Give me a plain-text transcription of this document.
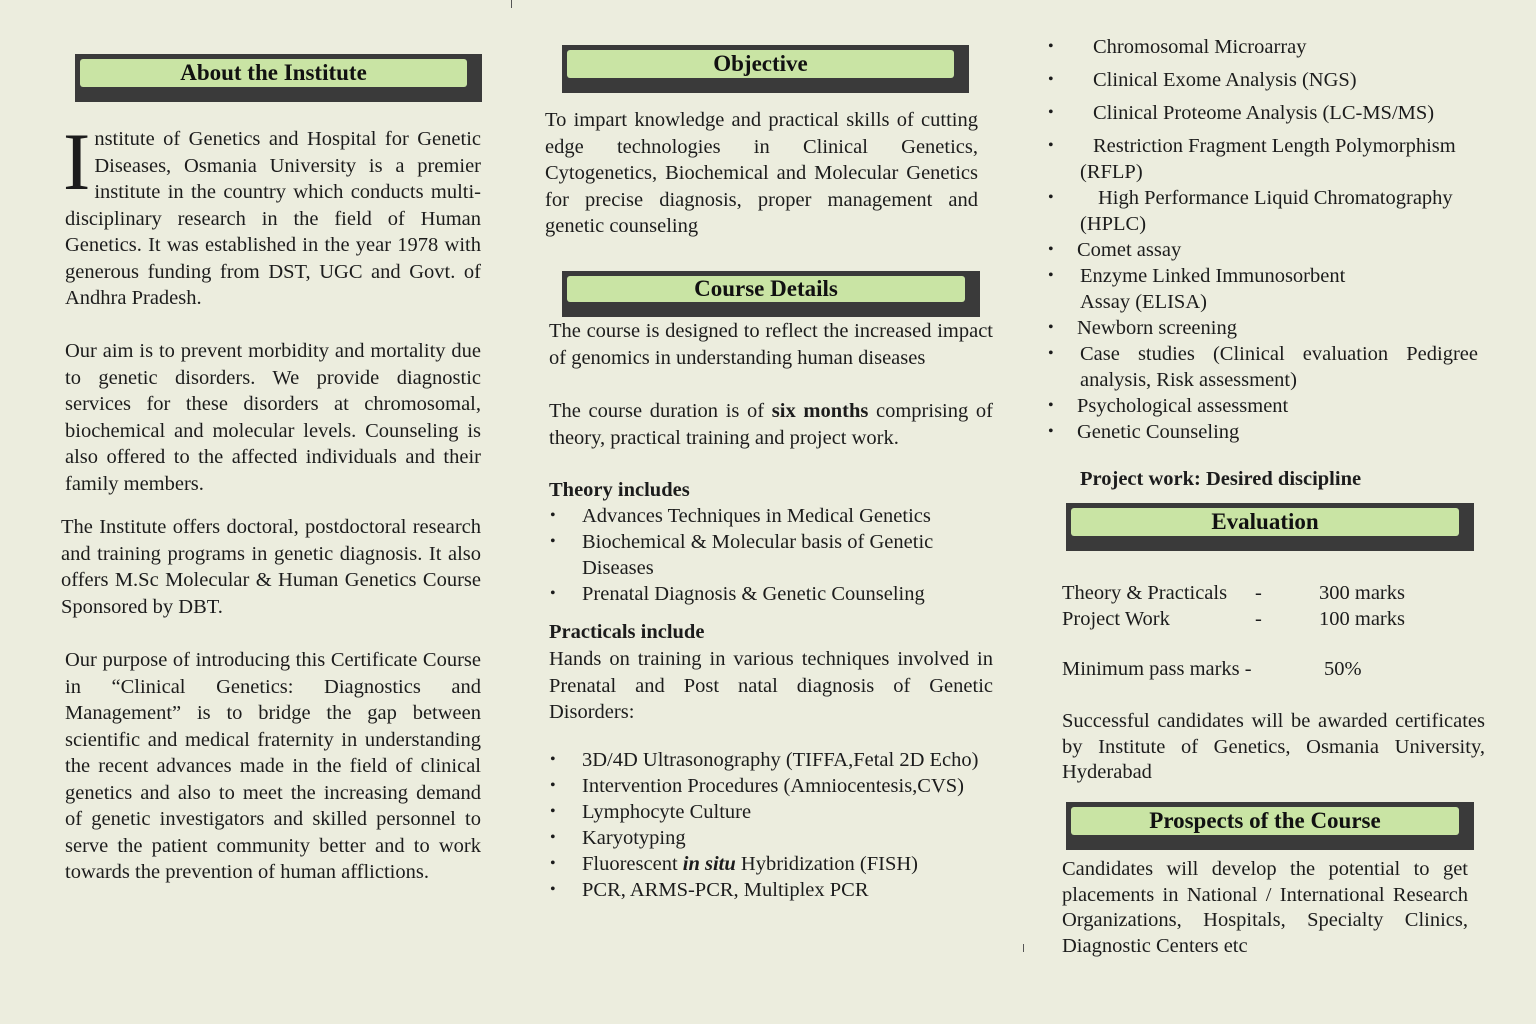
About the Institute
Institute of Genetics and Hospital for Genetic Diseases, Osmania University is a premier institute in the country which conducts multi-disciplinary research in the field of Human Genetics. It was established in the year 1978 with generous funding from DST, UGC and Govt. of Andhra Pradesh.
Our aim is to prevent morbidity and mortality due to genetic disorders. We provide diagnostic services for these disorders at chromosomal, biochemical and molecular levels. Counseling is also offered to the affected individuals and their family members.
The Institute offers doctoral, postdoctoral research and training programs in genetic diagnosis. It also offers M.Sc Molecular & Human Genetics Course Sponsored by DBT.
Our purpose of introducing this Certificate Course in “Clinical Genetics: Diagnostics and Management” is to bridge the gap between scientific and medical fraternity in understanding the recent advances made in the field of clinical genetics and also to meet the increasing demand of genetic investigators and skilled personnel to serve the patient community better and to work towards the prevention of human afflictions.
Objective
To impart knowledge and practical skills of cutting edge technologies in Clinical Genetics, Cytogenetics, Biochemical and Molecular Genetics for precise diagnosis, proper management and genetic counseling
Course Details
The course is designed to reflect the increased impact of genomics in understanding human diseases
The course duration is of six months comprising of theory, practical training and project work.
Theory includes
• Advances Techniques in Medical Genetics
• Biochemical & Molecular basis of Genetic Diseases
• Prenatal Diagnosis & Genetic Counseling
Practicals include
Hands on training in various techniques involved in Prenatal and Post natal diagnosis of Genetic Disorders:
• 3D/4D Ultrasonography (TIFFA,Fetal 2D Echo)
• Intervention Procedures (Amniocentesis,CVS)
• Lymphocyte Culture
• Karyotyping
• Fluorescent in situ Hybridization (FISH)
• PCR, ARMS-PCR, Multiplex PCR
• Chromosomal Microarray
• Clinical Exome Analysis (NGS)
• Clinical Proteome Analysis (LC-MS/MS)
• Restriction Fragment Length Polymorphism (RFLP)
• High Performance Liquid Chromatography (HPLC)
• Comet assay
• Enzyme Linked Immunosorbent Assay (ELISA)
• Newborn screening
• Case studies (Clinical evaluation Pedigree analysis, Risk assessment)
• Psychological assessment
• Genetic Counseling
Project work: Desired discipline
Evaluation
Theory & Practicals -	300 marks
Project Work	-	100 marks
Minimum pass marks -	50%
Successful candidates will be awarded certificates by Institute of Genetics, Osmania University, Hyderabad
Prospects of the Course
Candidates will develop the potential to get placements in National / International Research Organizations, Hospitals, Specialty Clinics, Diagnostic Centers etc
